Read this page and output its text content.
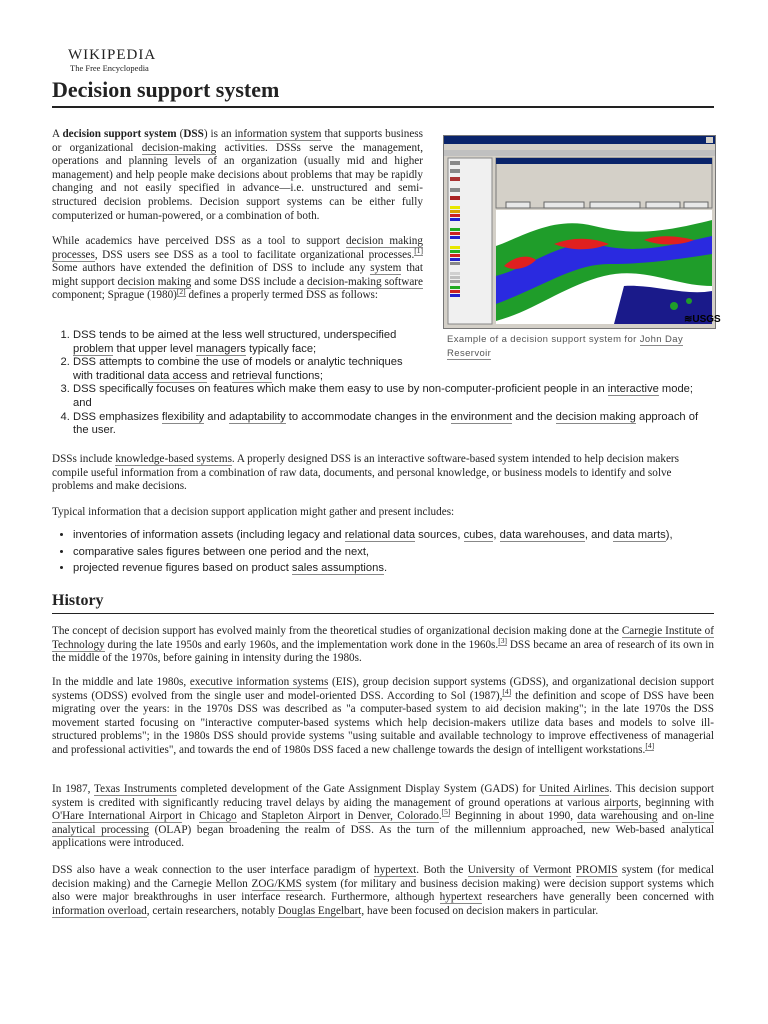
WIKIPEDIA
The Free Encyclopedia
Decision support system

A decision support system (DSS) is an information system that supports business or organizational decision-making activities. DSSs serve the management, operations and planning levels of an organization (usually mid and higher management) and help people make decisions about problems that may be rapidly changing and not easily specified in advance—i.e. unstructured and semi-structured decision problems. Decision support systems can be either fully computerized or human-powered, or a combination of both.

While academics have perceived DSS as a tool to support decision making processes, DSS users see DSS as a tool to facilitate organizational processes.[1] Some authors have extended the definition of DSS to include any system that might support decision making and some DSS include a decision-making software component; Sprague (1980)[2] defines a properly termed DSS as follows:

≋USGS
Example of a decision support system for John Day Reservoir
1. DSS tends to be aimed at the less well structured, underspecified problem that upper level managers typically face;
2. DSS attempts to combine the use of models or analytic techniques with traditional data access and retrieval functions;
3. DSS specifically focuses on features which make them easy to use by non-computer-proficient people in an interactive mode; and
4. DSS emphasizes flexibility and adaptability to accommodate changes in the environment and the decision making approach of the user.

DSSs include knowledge-based systems. A properly designed DSS is an interactive software-based system intended to help decision makers compile useful information from a combination of raw data, documents, and personal knowledge, or business models to identify and solve problems and make decisions.

Typical information that a decision support application might gather and present includes:

• inventories of information assets (including legacy and relational data sources, cubes, data warehouses, and data marts),
• comparative sales figures between one period and the next,
• projected revenue figures based on product sales assumptions.
History

The concept of decision support has evolved mainly from the theoretical studies of organizational decision making done at the Carnegie Institute of Technology during the late 1950s and early 1960s, and the implementation work done in the 1960s.[3] DSS became an area of research of its own in the middle of the 1970s, before gaining in intensity during the 1980s.

In the middle and late 1980s, executive information systems (EIS), group decision support systems (GDSS), and organizational decision support systems (ODSS) evolved from the single user and model-oriented DSS. According to Sol (1987),[4] the definition and scope of DSS have been migrating over the years: in the 1970s DSS was described as "a computer-based system to aid decision making"; in the late 1970s the DSS movement started focusing on "interactive computer-based systems which help decision-makers utilize data bases and models to solve ill-structured problems"; in the 1980s DSS should provide systems "using suitable and available technology to improve effectiveness of managerial and professional activities", and towards the end of 1980s DSS faced a new challenge towards the design of intelligent workstations.[4]

In 1987, Texas Instruments completed development of the Gate Assignment Display System (GADS) for United Airlines. This decision support system is credited with significantly reducing travel delays by aiding the management of ground operations at various airports, beginning with O'Hare International Airport in Chicago and Stapleton Airport in Denver, Colorado.[5] Beginning in about 1990, data warehousing and on-line analytical processing (OLAP) began broadening the realm of DSS. As the turn of the millennium approached, new Web-based analytical applications were introduced.

DSS also have a weak connection to the user interface paradigm of hypertext. Both the University of Vermont PROMIS system (for medical decision making) and the Carnegie Mellon ZOG/KMS system (for military and business decision making) were decision support systems which also were major breakthroughs in user interface research. Furthermore, although hypertext researchers have generally been concerned with information overload, certain researchers, notably Douglas Engelbart, have been focused on decision makers in particular.
